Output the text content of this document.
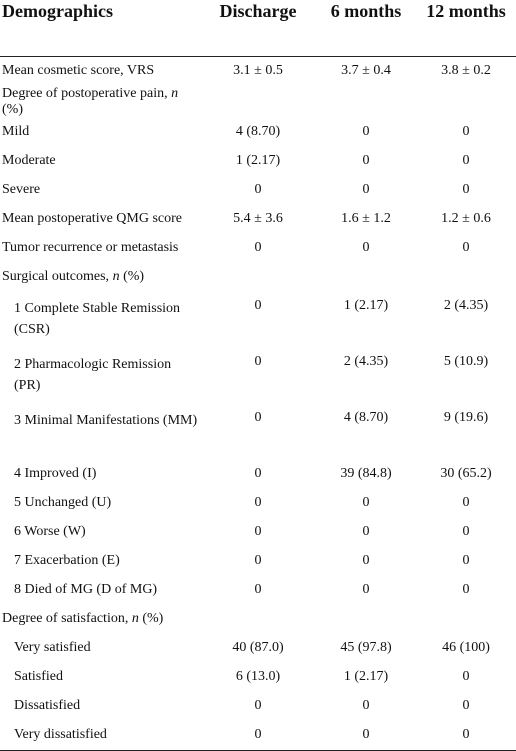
Demographics	Discharge	6 months	12 months
Mean cosmetic score, VRS	3.1 ± 0.5	3.7 ± 0.4	3.8 ± 0.2
Degree of postoperative pain, n (%)			
Mild	4 (8.70)	0	0
Moderate	1 (2.17)	0	0
Severe	0	0	0
Mean postoperative QMG score	5.4 ± 3.6	1.6 ± 1.2	1.2 ± 0.6
Tumor recurrence or metastasis	0	0	0
Surgical outcomes, n (%)			
1 Complete Stable Remission (CSR)	0	1 (2.17)	2 (4.35)
2 Pharmacologic Remission (PR)	0	2 (4.35)	5 (10.9)
3 Minimal Manifestations (MM)	0	4 (8.70)	9 (19.6)
4 Improved (I)	0	39 (84.8)	30 (65.2)
5 Unchanged (U)	0	0	0
6 Worse (W)	0	0	0
7 Exacerbation (E)	0	0	0
8 Died of MG (D of MG)	0	0	0
Degree of satisfaction, n (%)			
Very satisfied	40 (87.0)	45 (97.8)	46 (100)
Satisfied	6 (13.0)	1 (2.17)	0
Dissatisfied	0	0	0
Very dissatisfied	0	0	0
